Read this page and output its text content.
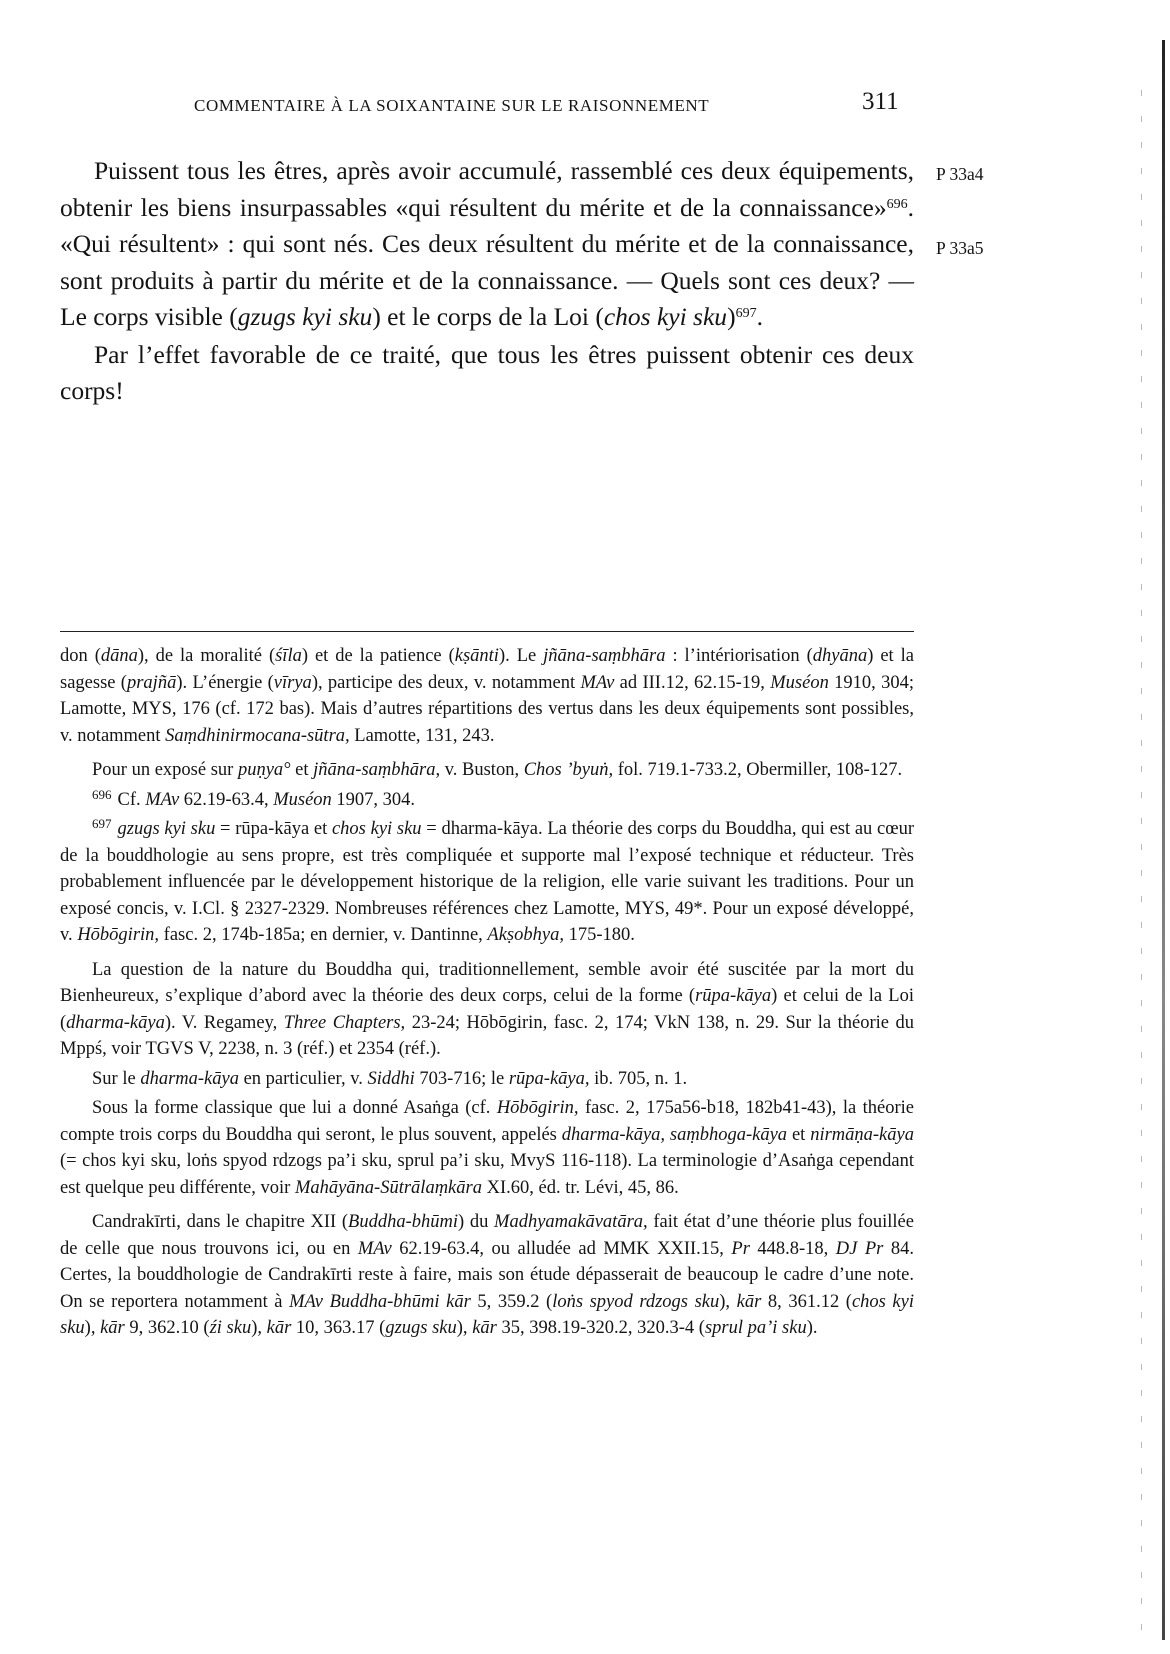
COMMENTAIRE À LA SOIXANTAINE SUR LE RAISONNEMENT	311
P 33a4
P 33a5

Puissent tous les êtres, après avoir accumulé, rassemblé ces deux équipements, obtenir les biens insurpassables «qui résultent du mérite et de la connaissance»$^{696}$. «Qui résultent» : qui sont nés. Ces deux résultent du mérite et de la connaissance, sont produits à partir du mérite et de la connaissance. — Quels sont ces deux? — Le corps visible (gzugs kyi sku) et le corps de la Loi (chos kyi sku)$^{697}$.

Par l’effet favorable de ce traité, que tous les êtres puissent obtenir ces deux corps!

don (dāna), de la moralité (śīla) et de la patience (kṣānti). Le jñāna-saṃbhāra : l’intériorisation (dhyāna) et la sagesse (prajñā). L’énergie (vīrya), participe des deux, v. notamment MAv ad III.12, 62.15-19, Muséon 1910, 304; Lamotte, MYS, 176 (cf. 172 bas). Mais d’autres répartitions des vertus dans les deux équipements sont possibles, v. notamment Saṃdhinirmocana-sūtra, Lamotte, 131, 243.

Pour un exposé sur puṇya° et jñāna-saṃbhāra, v. Buston, Chos ’byuṅ, fol. 719.1-733.2, Obermiller, 108-127.

$^{696}$ Cf. MAv 62.19-63.4, Muséon 1907, 304.

$^{697}$ gzugs kyi sku = rūpa-kāya et chos kyi sku = dharma-kāya. La théorie des corps du Bouddha, qui est au cœur de la bouddhologie au sens propre, est très compliquée et supporte mal l’exposé technique et réducteur. Très probablement influencée par le développement historique de la religion, elle varie suivant les traditions. Pour un exposé concis, v. I.Cl. § 2327-2329. Nombreuses références chez Lamotte, MYS, 49*. Pour un exposé développé, v. Hōbōgirin, fasc. 2, 174b-185a; en dernier, v. Dantinne, Akṣobhya, 175-180.

La question de la nature du Bouddha qui, traditionnellement, semble avoir été suscitée par la mort du Bienheureux, s’explique d’abord avec la théorie des deux corps, celui de la forme (rūpa-kāya) et celui de la Loi (dharma-kāya). V. Regamey, Three Chapters, 23-24; Hōbōgirin, fasc. 2, 174; VkN 138, n. 29. Sur la théorie du Mppś, voir TGVS V, 2238, n. 3 (réf.) et 2354 (réf.).

Sur le dharma-kāya en particulier, v. Siddhi 703-716; le rūpa-kāya, ib. 705, n. 1.

Sous la forme classique que lui a donné Asaṅga (cf. Hōbōgirin, fasc. 2, 175a56-b18, 182b41-43), la théorie compte trois corps du Bouddha qui seront, le plus souvent, appelés dharma-kāya, saṃbhoga-kāya et nirmāṇa-kāya (= chos kyi sku, loṅs spyod rdzogs pa’i sku, sprul pa’i sku, MvyS 116-118). La terminologie d’Asaṅga cependant est quelque peu différente, voir Mahāyāna-Sūtrālaṃkāra XI.60, éd. tr. Lévi, 45, 86.

Candrakīrti, dans le chapitre XII (Buddha-bhūmi) du Madhyamakāvatāra, fait état d’une théorie plus fouillée de celle que nous trouvons ici, ou en MAv 62.19-63.4, ou alludée ad MMK XXII.15, Pr 448.8-18, DJ Pr 84. Certes, la bouddhologie de Candrakīrti reste à faire, mais son étude dépasserait de beaucoup le cadre d’une note. On se reportera notamment à MAv Buddha-bhūmi kār 5, 359.2 (loṅs spyod rdzogs sku), kār 8, 361.12 (chos kyi sku), kār 9, 362.10 (źi sku), kār 10, 363.17 (gzugs sku), kār 35, 398.19-320.2, 320.3-4 (sprul pa’i sku).
